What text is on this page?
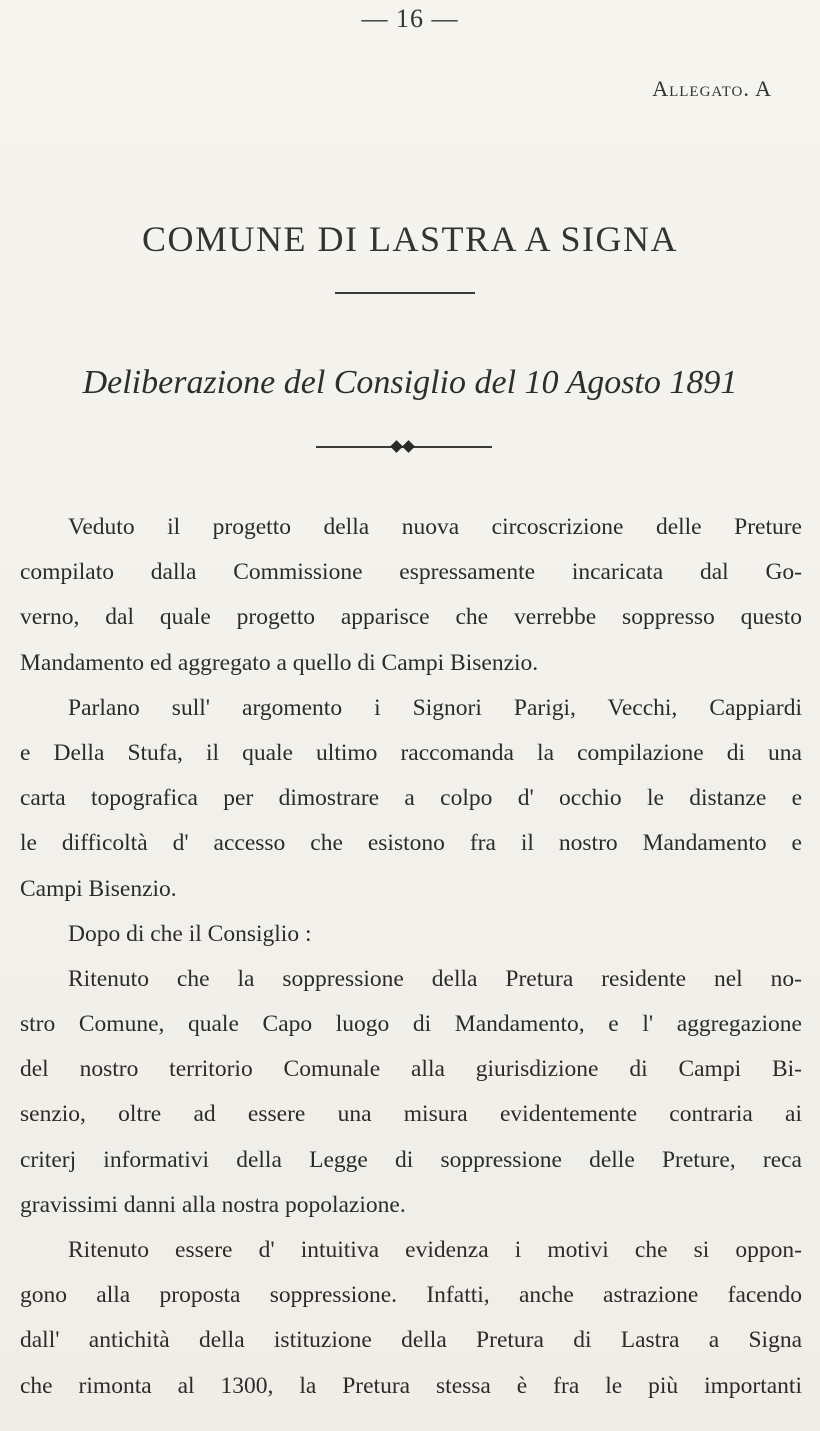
— 16 —
Allegato. A
COMUNE DI LASTRA A SIGNA
Deliberazione del Consiglio del 10 Agosto 1891
Veduto il progetto della nuova circoscrizione delle Preture
compilato dalla Commissione espressamente incaricata dal Go-
verno, dal quale progetto apparisce che verrebbe soppresso questo
Mandamento ed aggregato a quello di Campi Bisenzio.
Parlano sull' argomento i Signori Parigi, Vecchi, Cappiardi
e Della Stufa, il quale ultimo raccomanda la compilazione di una
carta topografica per dimostrare a colpo d' occhio le distanze e
le difficoltà d' accesso che esistono fra il nostro Mandamento e
Campi Bisenzio.
Dopo di che il Consiglio :
Ritenuto che la soppressione della Pretura residente nel no-
stro Comune, quale Capo luogo di Mandamento, e l' aggregazione
del nostro territorio Comunale alla giurisdizione di Campi Bi-
senzio, oltre ad essere una misura evidentemente contraria ai
criterj informativi della Legge di soppressione delle Preture, reca
gravissimi danni alla nostra popolazione.
Ritenuto essere d' intuitiva evidenza i motivi che si oppon-
gono alla proposta soppressione. Infatti, anche astrazione facendo
dall' antichità della istituzione della Pretura di Lastra a Signa
che rimonta al 1300, la Pretura stessa è fra le più importanti
